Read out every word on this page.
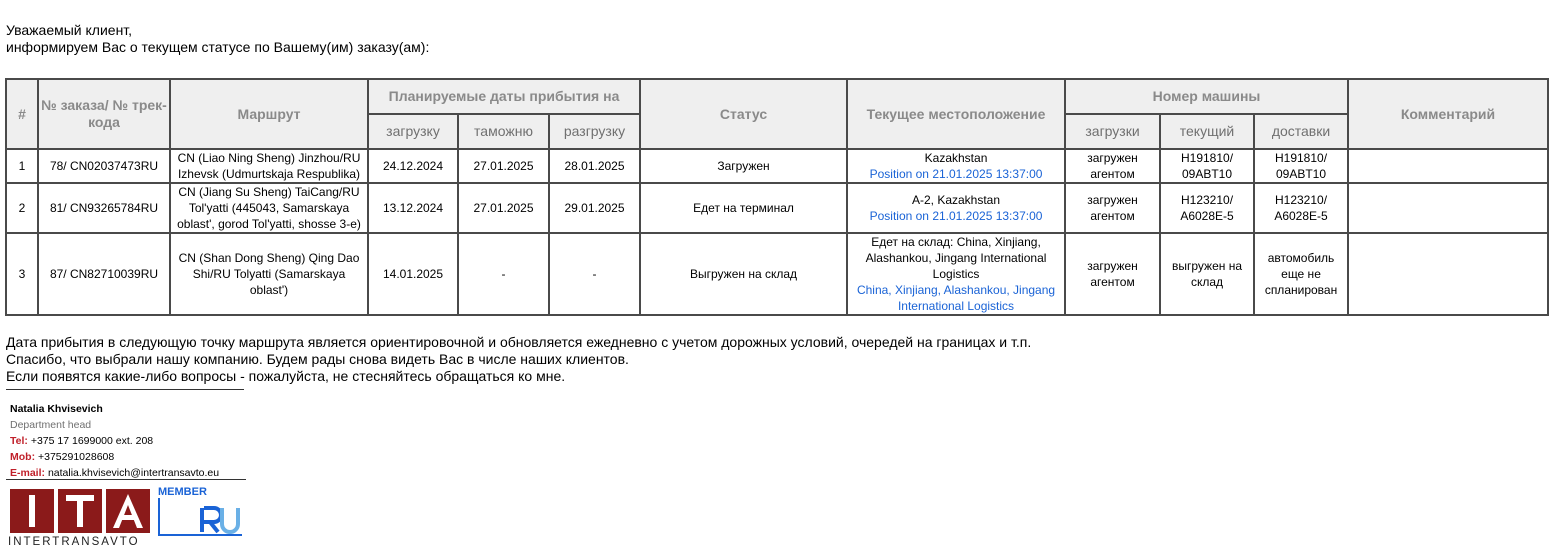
Уважаемый клиент,
информируем Вас о текущем статусе по Вашему(им) заказу(ам):
#	№ заказа/ № трек-кода	Маршрут	Планируемые даты прибытия на			Статус	Текущее местоположение	Номер машины			Комментарий
			загрузку	таможню	разгрузку			загрузки	текущий	доставки	
1	78/ CN02037473RU	CN (Liao Ning Sheng) Jinzhou/RU Izhevsk (Udmurtskaja Respublika)	24.12.2024	27.01.2025	28.01.2025	Загружен	Kazakhstan
Position on 21.01.2025 13:37:00	загружен агентом	H191810/ 09ABT10	H191810/ 09ABT10	
2	81/ CN93265784RU	CN (Jiang Su Sheng) TaiCang/RU Tol'yatti (445043, Samarskaya oblast', gorod Tol'yatti, shosse 3-e)	13.12.2024	27.01.2025	29.01.2025	Едет на терминал	A-2, Kazakhstan
Position on 21.01.2025 13:37:00	загружен агентом	H123210/ A6028E-5	H123210/ A6028E-5	
3	87/ CN82710039RU	CN (Shan Dong Sheng) Qing Dao Shi/RU Tolyatti (Samarskaya oblast')	14.01.2025	-	-	Выгружен на склад	Едет на склад: China, Xinjiang, Alashankou, Jingang International Logistics
China, Xinjiang, Alashankou, Jingang International Logistics	загружен агентом	выгружен на склад	автомобиль еще не спланирован	
Дата прибытия в следующую точку маршрута является ориентировочной и обновляется ежедневно с учетом дорожных условий, очередей на границах и т.п.
Спасибо, что выбрали нашу компанию. Будем рады снова видеть Вас в числе наших клиентов.
Если появятся какие-либо вопросы - пожалуйста, не стесняйтесь обращаться ко мне.
Natalia Khvisevich
Department head
Tel: +375 17 1699000 ext. 208
Mob: +375291028608
E-mail: natalia.khvisevich@intertransavto.eu
INTERTRANSAVTO
MEMBER
